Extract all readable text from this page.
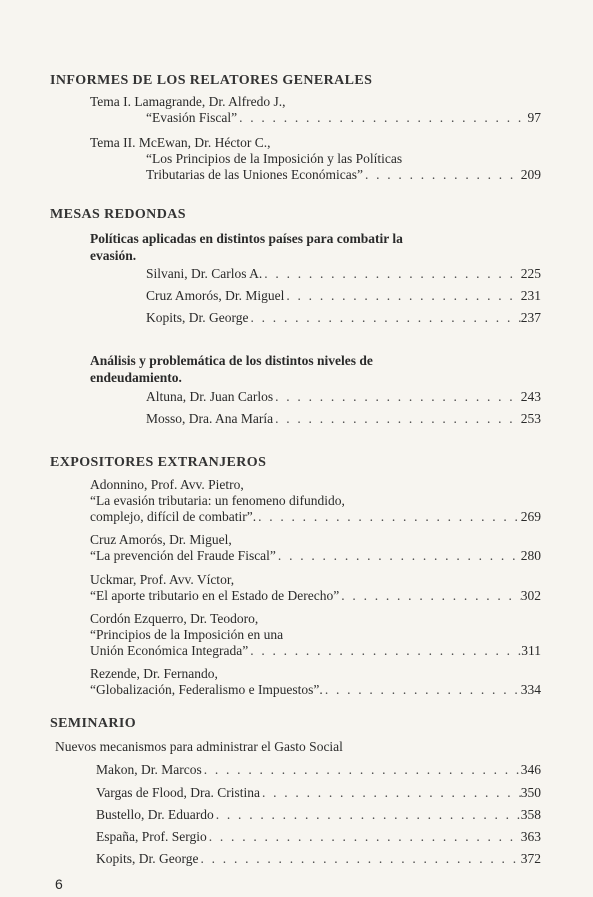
INFORMES DE LOS RELATORES GENERALES
Tema I. Lamagrande, Dr. Alfredo J.,
“Evasión Fiscal” . . .	97
Tema II. McEwan, Dr. Héctor C.,
“Los Principios de la Imposición y las Políticas
Tributarias de las Uniones Económicas” . . .	209
MESAS REDONDAS
Políticas aplicadas en distintos países para combatir la evasión.
Silvani, Dr. Carlos A. . . .	225
Cruz Amorós, Dr. Miguel . . .	231
Kopits, Dr. George . . .	237
Análisis y problemática de los distintos niveles de endeudamiento.
Altuna, Dr. Juan Carlos . . .	243
Mosso, Dra. Ana María . . .	253
EXPOSITORES EXTRANJEROS
Adonnino, Prof. Avv. Pietro,
“La evasión tributaria: un fenomeno difundido,
complejo, difícil de combatir”. . . .	269
Cruz Amorós, Dr. Miguel,
“La prevención del Fraude Fiscal” . . .	280
Uckmar, Prof. Avv. Víctor,
“El aporte tributario en el Estado de Derecho” . . .	302
Cordón Ezquerro, Dr. Teodoro,
“Principios de la Imposición en una
Unión Económica Integrada” . . .	311
Rezende, Dr. Fernando,
“Globalización, Federalismo e Impuestos”. . . .	334
SEMINARIO
Nuevos mecanismos para administrar el Gasto Social
Makon, Dr. Marcos . . .	346
Vargas de Flood, Dra. Cristina . . .	350
Bustello, Dr. Eduardo . . .	358
España, Prof. Sergio . . .	363
Kopits, Dr. George . . .	372
6
